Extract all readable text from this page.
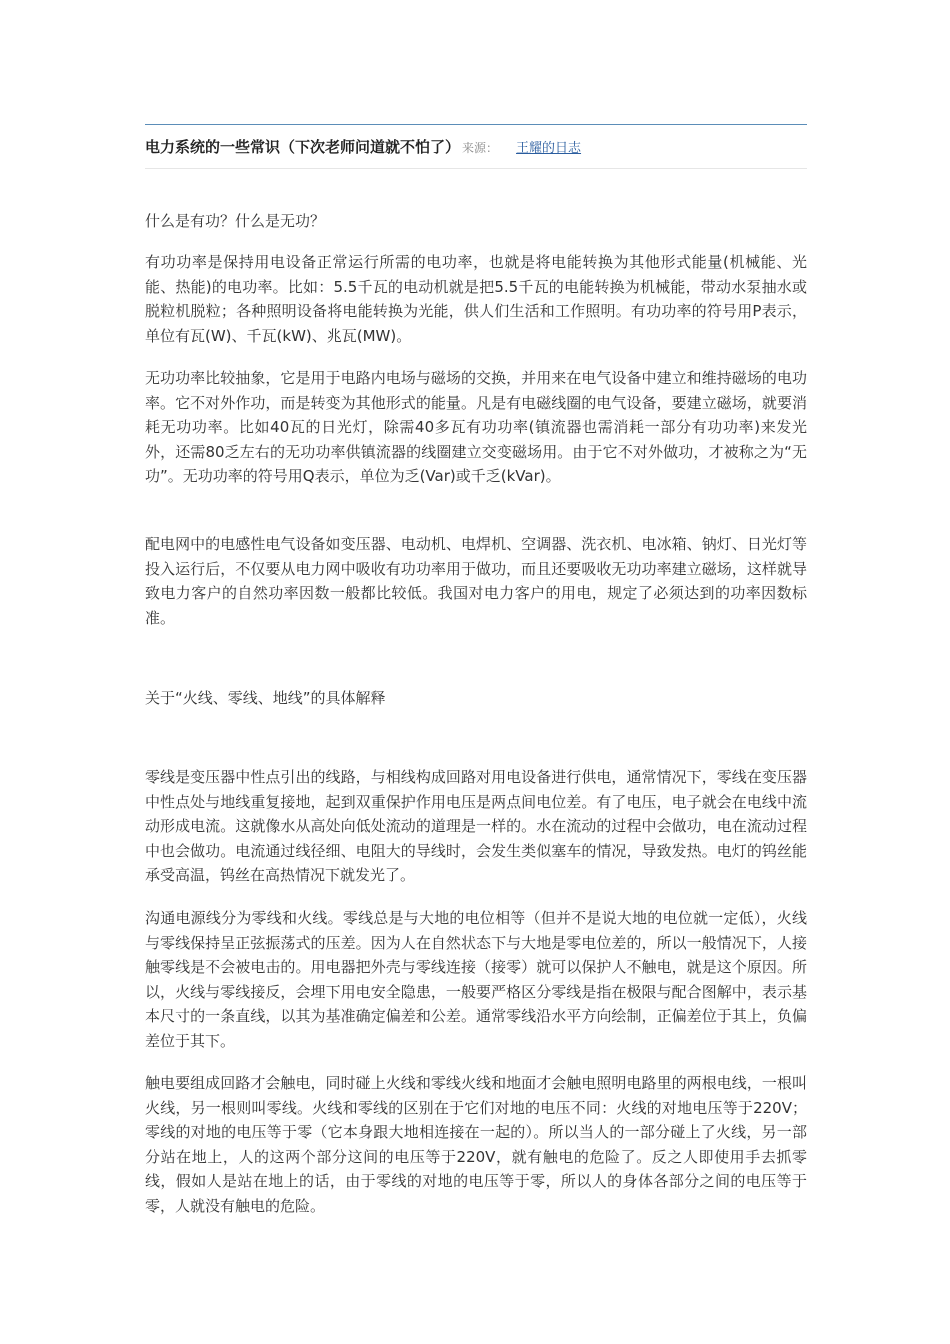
电力系统的一些常识（下次老师问道就不怕了） 来源： 王耀的日志

什么是有功？什么是无功？

有功功率是保持用电设备正常运行所需的电功率，也就是将电能转换为其他形式能量(机械能、光能、热能)的电功率。比如：5.5千瓦的电动机就是把5.5千瓦的电能转换为机械能，带动水泵抽水或脱粒机脱粒；各种照明设备将电能转换为光能，供人们生活和工作照明。有功功率的符号用P表示，单位有瓦(W)、千瓦(kW)、兆瓦(MW)。

无功功率比较抽象，它是用于电路内电场与磁场的交换，并用来在电气设备中建立和维持磁场的电功率。它不对外作功，而是转变为其他形式的能量。凡是有电磁线圈的电气设备，要建立磁场，就要消耗无功功率。比如40瓦的日光灯，除需40多瓦有功功率(镇流器也需消耗一部分有功功率)来发光外，还需80乏左右的无功功率供镇流器的线圈建立交变磁场用。由于它不对外做功，才被称之为“无功”。无功功率的符号用Q表示，单位为乏(Var)或千乏(kVar)。

配电网中的电感性电气设备如变压器、电动机、电焊机、空调器、洗衣机、电冰箱、钠灯、日光灯等投入运行后，不仅要从电力网中吸收有功功率用于做功，而且还要吸收无功功率建立磁场，这样就导致电力客户的自然功率因数一般都比较低。我国对电力客户的用电，规定了必须达到的功率因数标准。

关于“火线、零线、地线”的具体解释

零线是变压器中性点引出的线路，与相线构成回路对用电设备进行供电，通常情况下，零线在变压器中性点处与地线重复接地，起到双重保护作用电压是两点间电位差。有了电压，电子就会在电线中流动形成电流。这就像水从高处向低处流动的道理是一样的。水在流动的过程中会做功，电在流动过程中也会做功。电流通过线径细、电阻大的导线时，会发生类似塞车的情况，导致发热。电灯的钨丝能承受高温，钨丝在高热情况下就发光了。

沟通电源线分为零线和火线。零线总是与大地的电位相等（但并不是说大地的电位就一定低），火线与零线保持呈正弦振荡式的压差。因为人在自然状态下与大地是零电位差的，所以一般情况下，人接触零线是不会被电击的。用电器把外壳与零线连接（接零）就可以保护人不触电，就是这个原因。所以，火线与零线接反，会埋下用电安全隐患，一般要严格区分零线是指在极限与配合图解中，表示基本尺寸的一条直线，以其为基准确定偏差和公差。通常零线沿水平方向绘制，正偏差位于其上，负偏差位于其下。

触电要组成回路才会触电，同时碰上火线和零线火线和地面才会触电照明电路里的两根电线，一根叫火线，另一根则叫零线。火线和零线的区别在于它们对地的电压不同：火线的对地电压等于220V；零线的对地的电压等于零（它本身跟大地相连接在一起的）。所以当人的一部分碰上了火线，另一部分站在地上，人的这两个部分这间的电压等于220V，就有触电的危险了。反之人即使用手去抓零线，假如人是站在地上的话，由于零线的对地的电压等于零，所以人的身体各部分之间的电压等于零，人就没有触电的危险。
